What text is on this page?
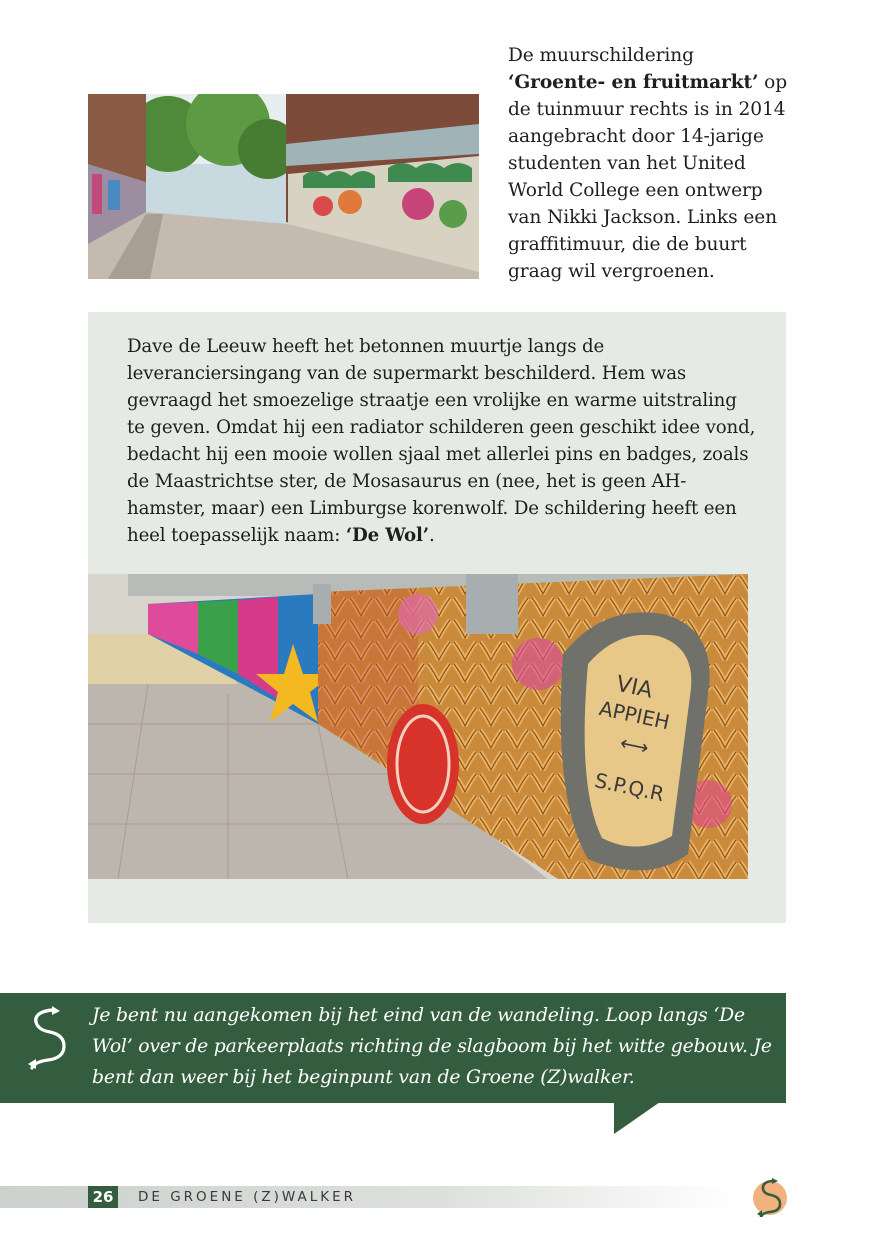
De muurschildering
‘Groente- en fruitmarkt’ op de tuinmuur rechts is in 2014 aangebracht door 14-jarige studenten van het United World College een ontwerp van Nikki Jackson. Links een graffitimuur, die de buurt graag wil vergroenen.
Dave de Leeuw heeft het betonnen muurtje langs de leveranciersingang van de supermarkt beschilderd. Hem was gevraagd het smoezelige straatje een vrolijke en warme uitstraling te geven. Omdat hij een radiator schilderen geen geschikt idee vond, bedacht hij een mooie wollen sjaal met allerlei pins en badges, zoals de Maastrichtse ster, de Mosasaurus en (nee, het is geen AH-hamster, maar) een Limburgse korenwolf. De schildering heeft een heel toepasselijk naam: ‘De Wol’.
VIA
APPIEH
⟷
S.P.Q.R
Je bent nu aangekomen bij het eind van de wandeling. Loop langs ‘De Wol’ over de parkeerplaats richting de slagboom bij het witte gebouw. Je bent dan weer bij het beginpunt van de Groene (Z)walker.
26	DE GROENE (Z)WALKER
